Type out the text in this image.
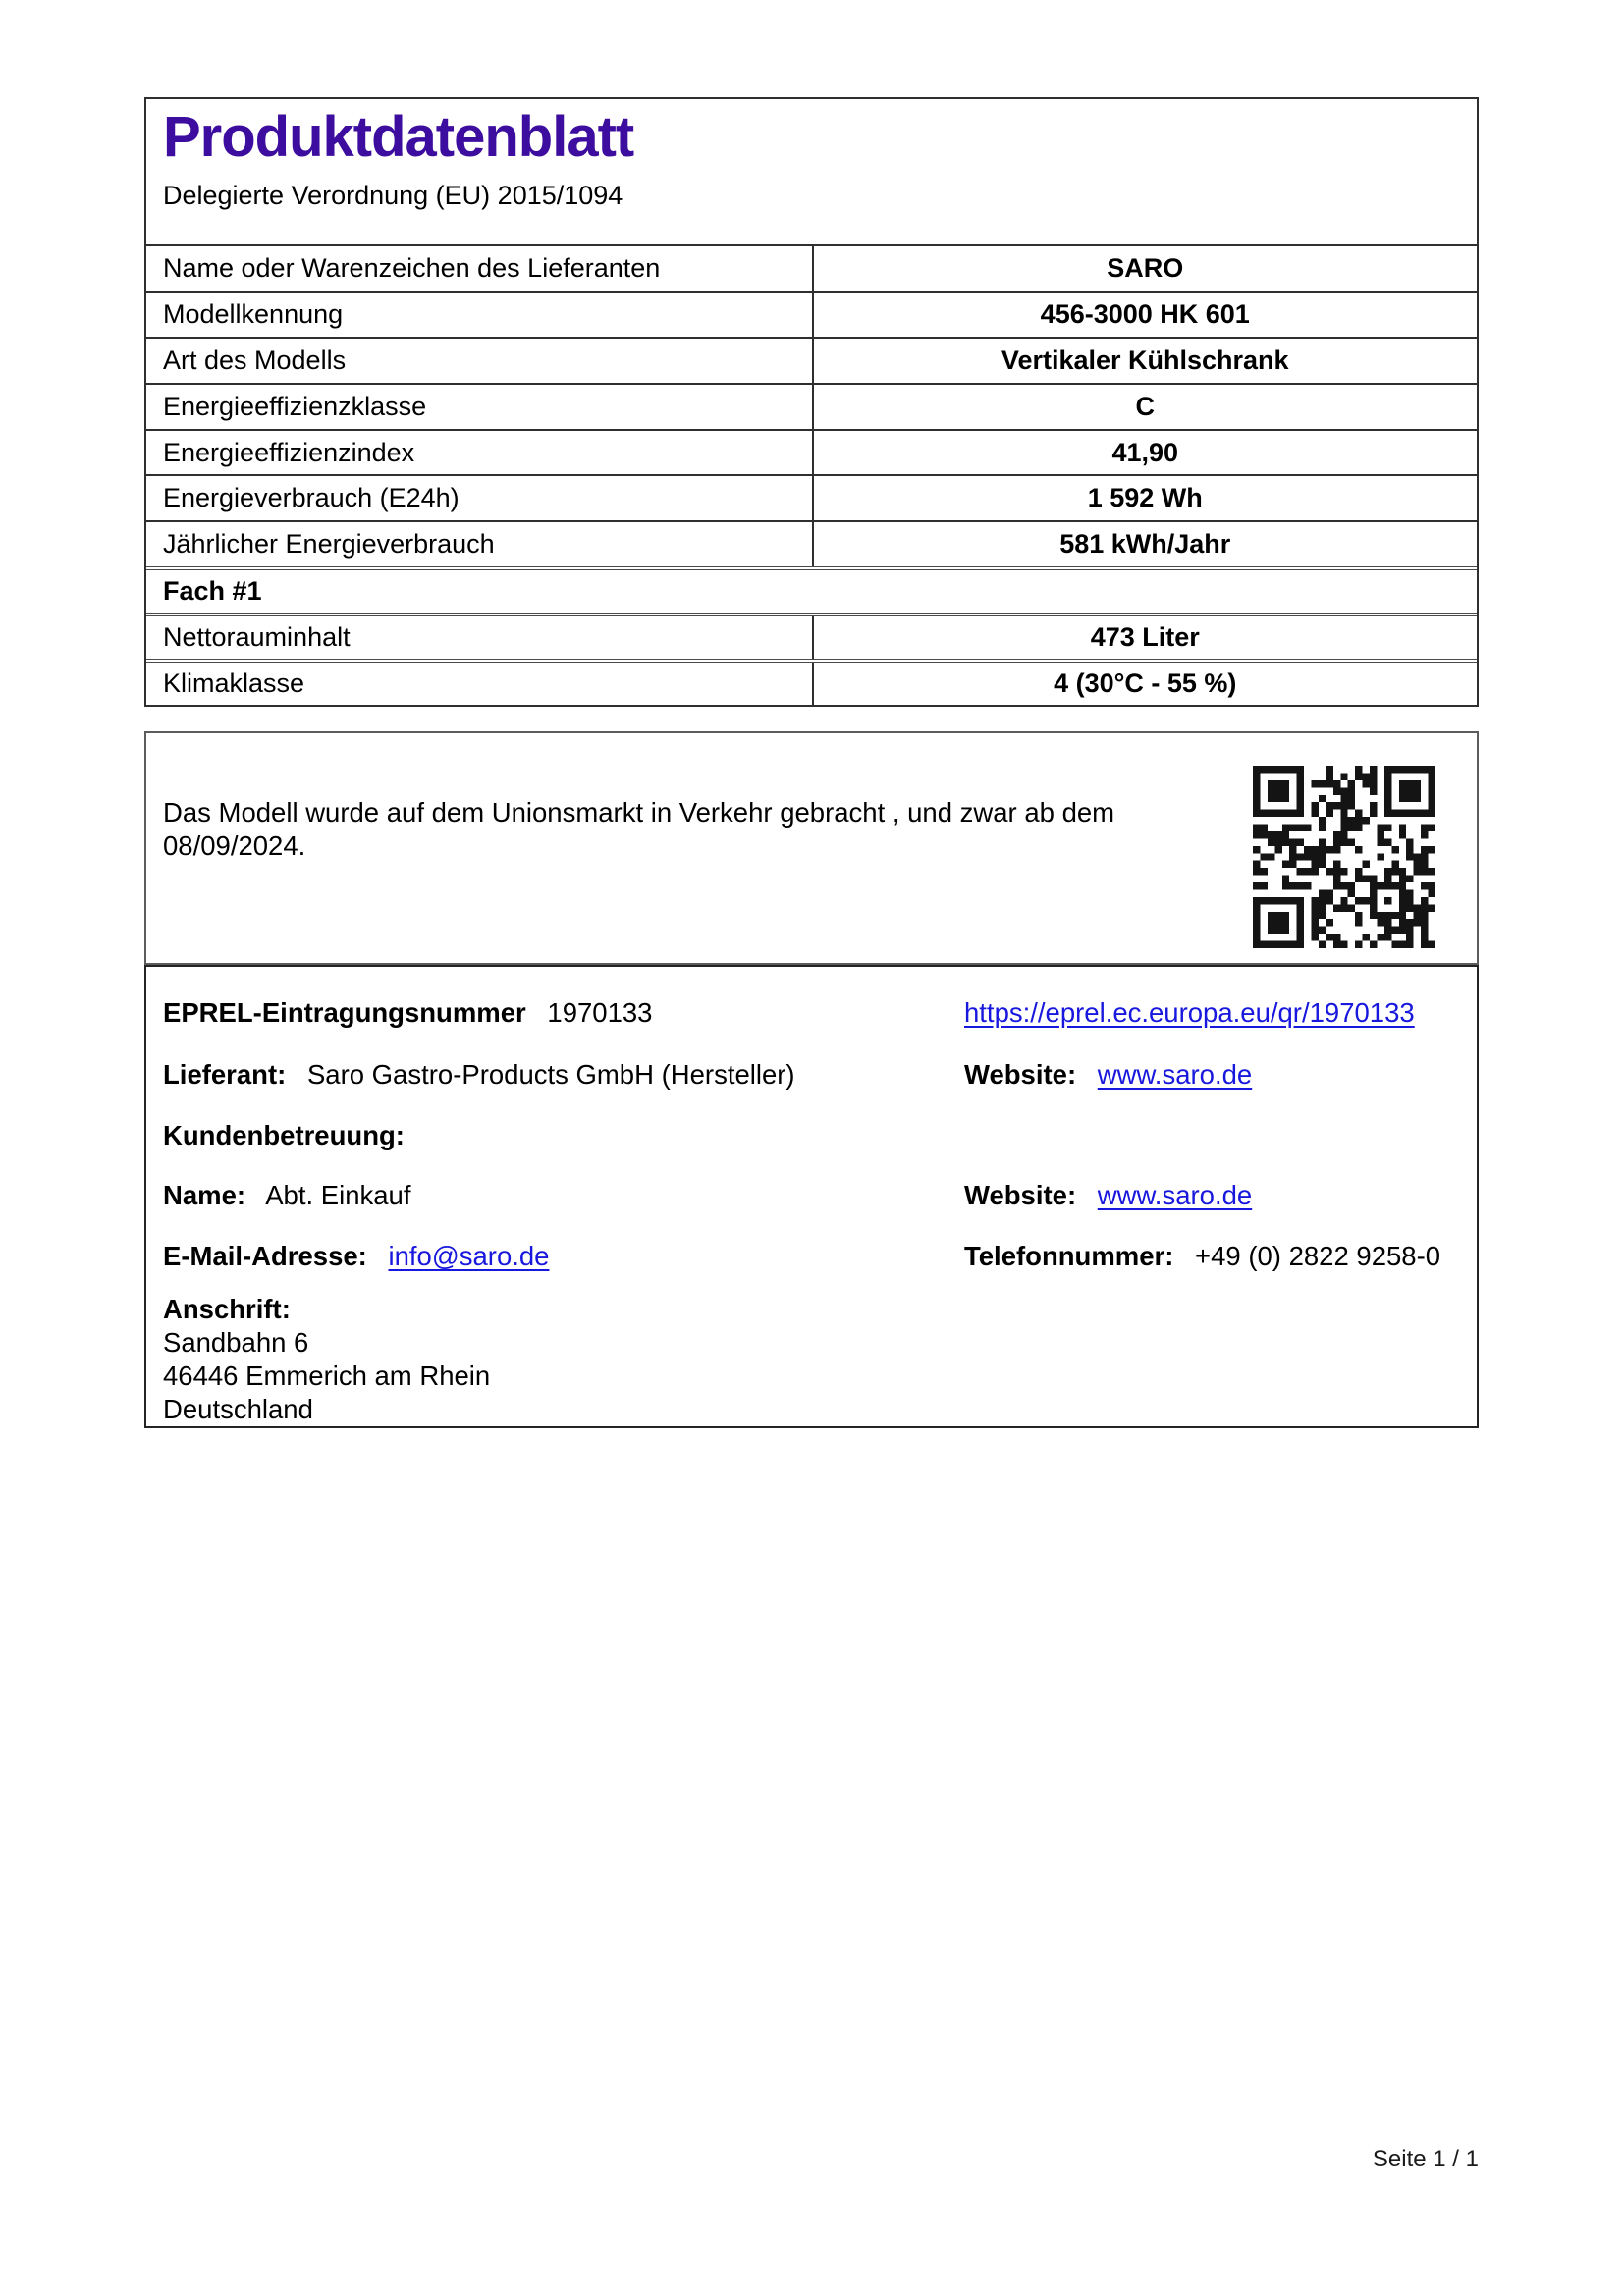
Produktdatenblatt
Delegierte Verordnung (EU) 2015/1094
Name oder Warenzeichen des Lieferanten	SARO
Modellkennung	456-3000 HK 601
Art des Modells	Vertikaler Kühlschrank
Energieeffizienzklasse	C
Energieeffizienzindex	41,90
Energieverbrauch (E24h)	1 592 Wh
Jährlicher Energieverbrauch	581 kWh/Jahr
Fach #1
Nettorauminhalt	473 Liter
Klimaklasse	4 (30°C - 55 %)

Das Modell wurde auf dem Unionsmarkt in Verkehr gebracht , und zwar ab dem 08/09/2024.

EPREL-Eintragungsnummer 1970133	https://eprel.ec.europa.eu/qr/1970133
Lieferant: Saro Gastro-Products GmbH (Hersteller)	Website: www.saro.de
Kundenbetreuung:
Name: Abt. Einkauf	Website: www.saro.de
E-Mail-Adresse: info@saro.de	Telefonnummer: +49 (0) 2822 9258-0
Anschrift:
Sandbahn 6
46446 Emmerich am Rhein
Deutschland
Seite 1 / 1
